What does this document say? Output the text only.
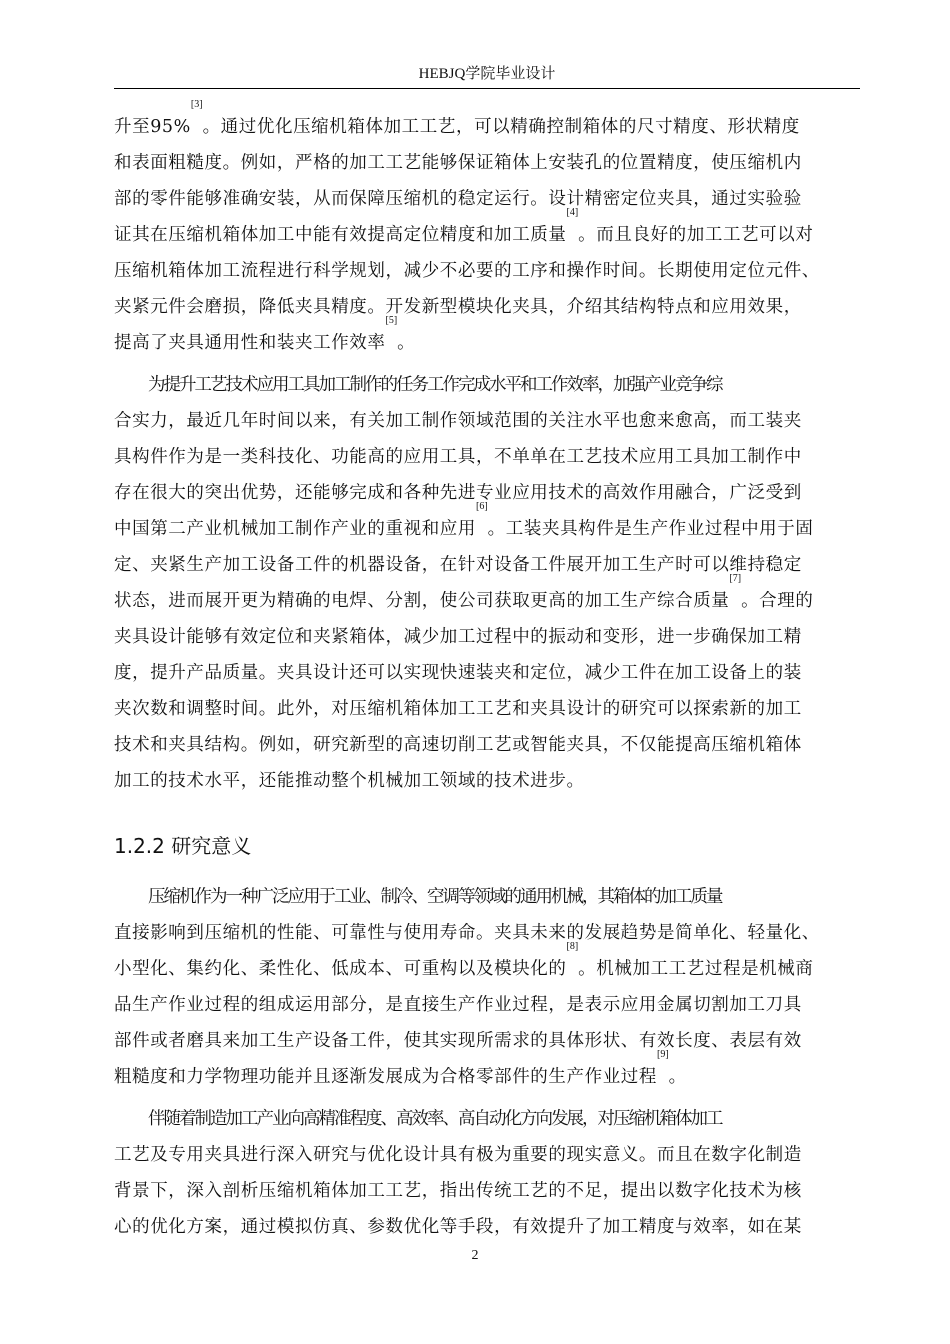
HEBJQ学院毕业设计
升至95%[3]。通过优化压缩机箱体加工工艺，可以精确控制箱体的尺寸精度、形状精度
和表面粗糙度。例如，严格的加工工艺能够保证箱体上安装孔的位置精度，使压缩机内
部的零件能够准确安装，从而保障压缩机的稳定运行。设计精密定位夹具，通过实验验
证其在压缩机箱体加工中能有效提高定位精度和加工质量[4]。而且良好的加工工艺可以对
压缩机箱体加工流程进行科学规划，减少不必要的工序和操作时间。长期使用定位元件、
夹紧元件会磨损，降低夹具精度。开发新型模块化夹具，介绍其结构特点和应用效果，
提高了夹具通用性和装夹工作效率[5]。
为提升工艺技术应用工具加工制作的任务工作完成水平和工作效率，加强产业竞争综
合实力，最近几年时间以来，有关加工制作领域范围的关注水平也愈来愈高，而工装夹
具构件作为是一类科技化、功能高的应用工具，不单单在工艺技术应用工具加工制作中
存在很大的突出优势，还能够完成和各种先进专业应用技术的高效作用融合，广泛受到
中国第二产业机械加工制作产业的重视和应用[6]。工装夹具构件是生产作业过程中用于固
定、夹紧生产加工设备工件的机器设备，在针对设备工件展开加工生产时可以维持稳定
状态，进而展开更为精确的电焊、分割，使公司获取更高的加工生产综合质量[7]。合理的
夹具设计能够有效定位和夹紧箱体，减少加工过程中的振动和变形，进一步确保加工精
度，提升产品质量。夹具设计还可以实现快速装夹和定位，减少工件在加工设备上的装
夹次数和调整时间。此外，对压缩机箱体加工工艺和夹具设计的研究可以探索新的加工
技术和夹具结构。例如，研究新型的高速切削工艺或智能夹具，不仅能提高压缩机箱体
加工的技术水平，还能推动整个机械加工领域的技术进步。
1.2.2 研究意义
压缩机作为一种广泛应用于工业、制冷、空调等领域的通用机械，其箱体的加工质量
直接影响到压缩机的性能、可靠性与使用寿命。夹具未来的发展趋势是简单化、轻量化、
小型化、集约化、柔性化、低成本、可重构以及模块化的[8]。机械加工工艺过程是机械商
品生产作业过程的组成运用部分，是直接生产作业过程，是表示应用金属切割加工刀具
部件或者磨具来加工生产设备工件，使其实现所需求的具体形状、有效长度、表层有效
粗糙度和力学物理功能并且逐渐发展成为合格零部件的生产作业过程[9]。
伴随着制造加工产业向高精准程度、高效率、高自动化方向发展，对压缩机箱体加工
工艺及专用夹具进行深入研究与优化设计具有极为重要的现实意义。而且在数字化制造
背景下，深入剖析压缩机箱体加工工艺，指出传统工艺的不足，提出以数字化技术为核
心的优化方案，通过模拟仿真、参数优化等手段，有效提升了加工精度与效率，如在某
2
